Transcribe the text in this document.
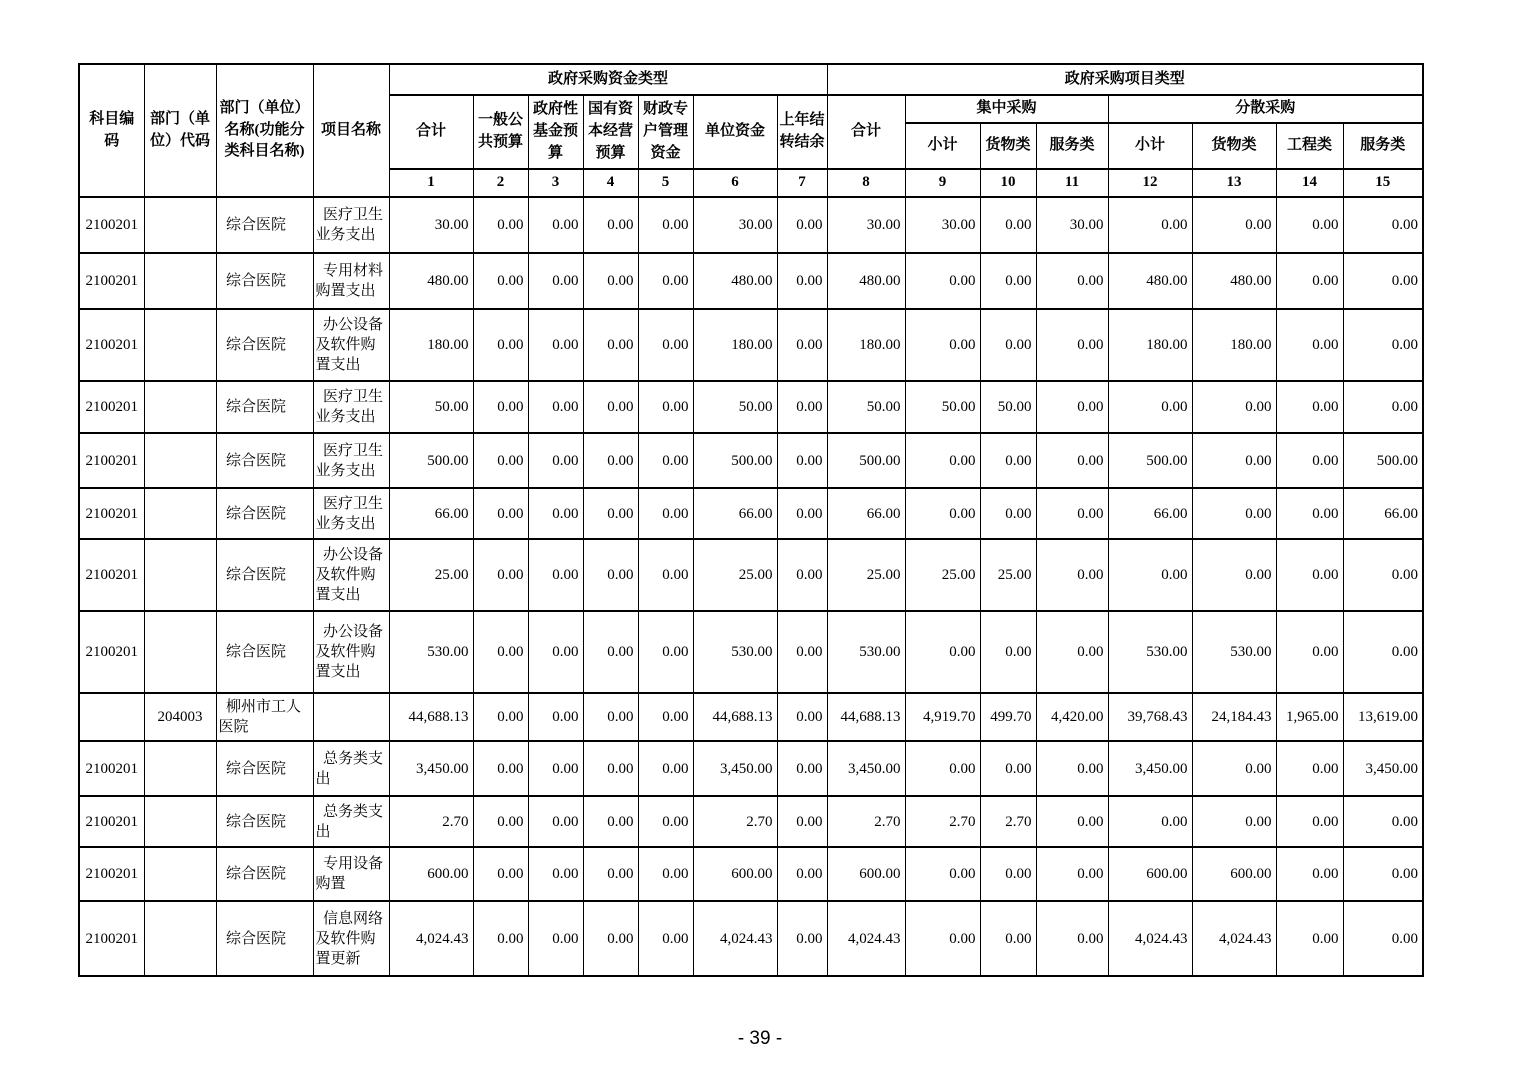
科目编码	部门（单位）代码	部门（单位）名称(功能分类科目名称)	项目名称	政府采购资金类型							政府采购项目类型							
				合计	一般公共预算	政府性基金预算	国有资本经营预算	财政专户管理资金	单位资金	上年结转结余	合计	集中采购			分散采购			
												小计	货物类	服务类	小计	货物类	工程类	服务类
				1	2	3	4	5	6	7	8	9	10	11	12	13	14	15
2100201		综合医院	医疗卫生业务支出	30.00	0.00	0.00	0.00	0.00	30.00	0.00	30.00	30.00	0.00	30.00	0.00	0.00	0.00	0.00
2100201		综合医院	专用材料购置支出	480.00	0.00	0.00	0.00	0.00	480.00	0.00	480.00	0.00	0.00	0.00	480.00	480.00	0.00	0.00
2100201		综合医院	办公设备及软件购置支出	180.00	0.00	0.00	0.00	0.00	180.00	0.00	180.00	0.00	0.00	0.00	180.00	180.00	0.00	0.00
2100201		综合医院	医疗卫生业务支出	50.00	0.00	0.00	0.00	0.00	50.00	0.00	50.00	50.00	50.00	0.00	0.00	0.00	0.00	0.00
2100201		综合医院	医疗卫生业务支出	500.00	0.00	0.00	0.00	0.00	500.00	0.00	500.00	0.00	0.00	0.00	500.00	0.00	0.00	500.00
2100201		综合医院	医疗卫生业务支出	66.00	0.00	0.00	0.00	0.00	66.00	0.00	66.00	0.00	0.00	0.00	66.00	0.00	0.00	66.00
2100201		综合医院	办公设备及软件购置支出	25.00	0.00	0.00	0.00	0.00	25.00	0.00	25.00	25.00	25.00	0.00	0.00	0.00	0.00	0.00
2100201		综合医院	办公设备及软件购置支出	530.00	0.00	0.00	0.00	0.00	530.00	0.00	530.00	0.00	0.00	0.00	530.00	530.00	0.00	0.00
	204003	柳州市工人医院		44,688.13	0.00	0.00	0.00	0.00	44,688.13	0.00	44,688.13	4,919.70	499.70	4,420.00	39,768.43	24,184.43	1,965.00	13,619.00
2100201		综合医院	总务类支出	3,450.00	0.00	0.00	0.00	0.00	3,450.00	0.00	3,450.00	0.00	0.00	0.00	3,450.00	0.00	0.00	3,450.00
2100201		综合医院	总务类支出	2.70	0.00	0.00	0.00	0.00	2.70	0.00	2.70	2.70	2.70	0.00	0.00	0.00	0.00	0.00
2100201		综合医院	专用设备购置	600.00	0.00	0.00	0.00	0.00	600.00	0.00	600.00	0.00	0.00	0.00	600.00	600.00	0.00	0.00
2100201		综合医院	信息网络及软件购置更新	4,024.43	0.00	0.00	0.00	0.00	4,024.43	0.00	4,024.43	0.00	0.00	0.00	4,024.43	4,024.43	0.00	0.00
- 39 -
